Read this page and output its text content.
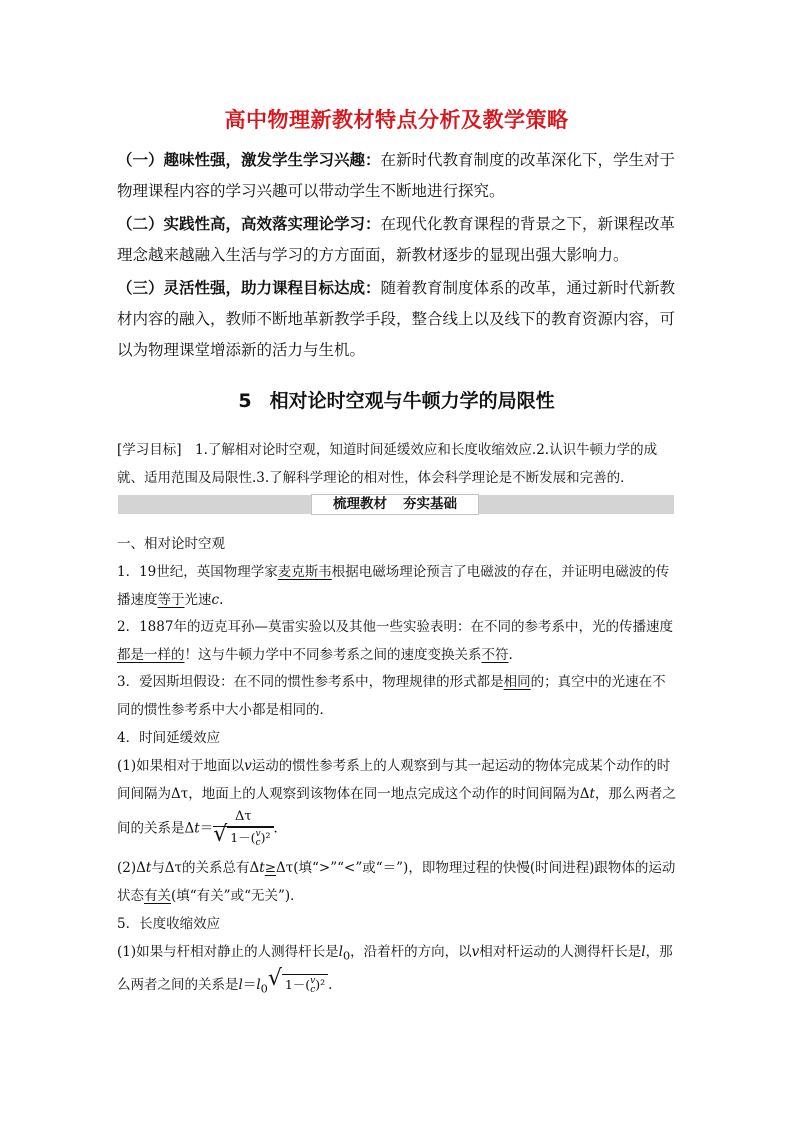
高中物理新教材特点分析及教学策略

（一）趣味性强，激发学生学习兴趣：在新时代教育制度的改革深化下，学生对于物理课程内容的学习兴趣可以带动学生不断地进行探究。

（二）实践性高，高效落实理论学习：在现代化教育课程的背景之下，新课程改革理念越来越融入生活与学习的方方面面，新教材逐步的显现出强大影响力。

（三）灵活性强，助力课程目标达成：随着教育制度体系的改革，通过新时代新教材内容的融入，教师不断地革新教学手段，整合线上以及线下的教育资源内容，可以为物理课堂增添新的活力与生机。

5 相对论时空观与牛顿力学的局限性

[学习目标]　1.了解相对论时空观，知道时间延缓效应和长度收缩效应.2.认识牛顿力学的成就、适用范围及局限性.3.了解科学理论的相对性，体会科学理论是不断发展和完善的．

梳理教材 夯实基础

一、相对论时空观

1．19世纪，英国物理学家麦克斯韦根据电磁场理论预言了电磁波的存在，并证明电磁波的传播速度等于光速c.

2．1887年的迈克耳孙—莫雷实验以及其他一些实验表明：在不同的参考系中，光的传播速度都是一样的！这与牛顿力学中不同参考系之间的速度变换关系不符.

3．爱因斯坦假设：在不同的惯性参考系中，物理规律的形式都是相同的；真空中的光速在不同的惯性参考系中大小都是相同的．

4．时间延缓效应

(1)如果相对于地面以v运动的惯性参考系上的人观察到与其一起运动的物体完成某个动作的时间间隔为Δτ，地面上的人观察到该物体在同一地点完成这个动作的时间间隔为Δt，那么两者之间的关系是Δt＝ Δτ
√ 1－( v
c )² .

(2)Δt与Δτ的关系总有Δt≥Δτ(填“>”“<”或“＝”)，即物理过程的快慢(时间进程)跟物体的运动状态有关(填“有关”或“无关”)．

5．长度收缩效应

(1)如果与杆相对静止的人测得杆长是$l_0$，沿着杆的方向，以v相对杆运动的人测得杆长是l，那么两者之间的关系是$l=l_0$ √ 1－( v
c )² .
